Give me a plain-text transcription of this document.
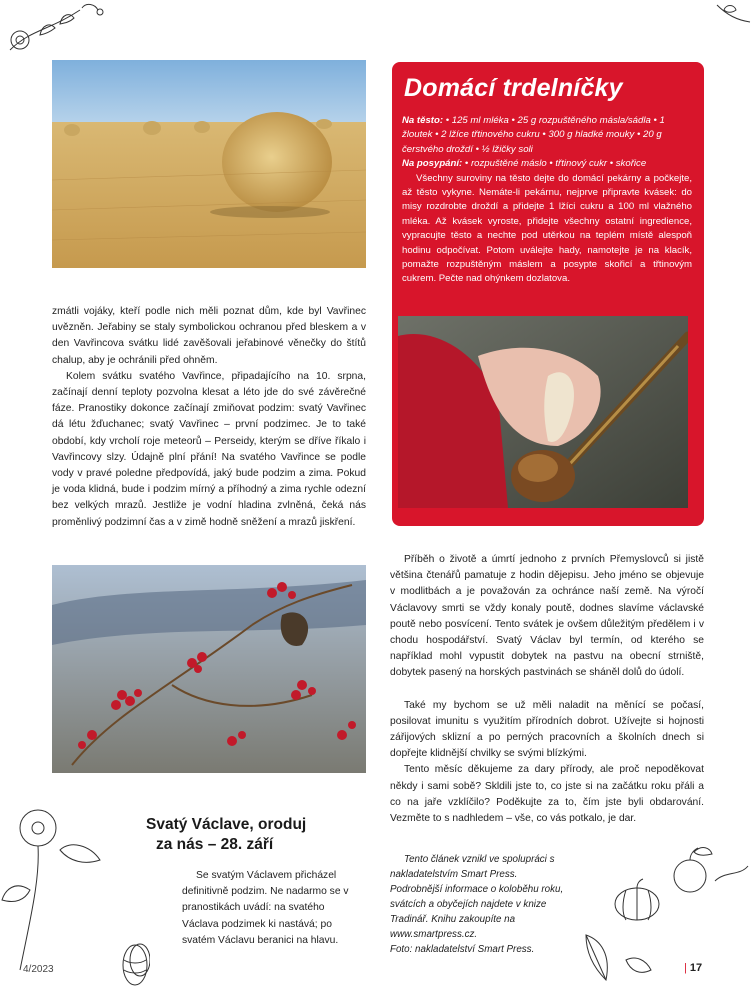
zmátli vojáky, kteří podle nich měli poznat dům, kde byl Vavřinec uvězněn. Jeřabiny se staly symbolickou ochranou před bleskem a v den Vavřincova svátku lidé zavěšovali jeřabinové věnečky do štítů chalup, aby je ochránili před ohněm.

Kolem svátku svatého Vavřince, připadajícího na 10. srpna, začínají denní teploty pozvolna klesat a léto jde do své závěrečné fáze. Pranostiky dokonce začínají zmiňovat podzim: svatý Vavřinec dá létu žďuchanec; svatý Vavřinec – první podzimec. Je to také období, kdy vrcholí roje meteorů – Perseidy, kterým se dříve říkalo i Vavřincovy slzy. Údajně plní přání! Na svatého Vavřince se podle vody v pravé poledne předpovídá, jaký bude podzim a zima. Pokud je voda klidná, bude i podzim mírný a příhodný a zima rychle odezní bez velkých mrazů. Jestliže je vodní hladina zvlněná, čeká nás proměnlivý podzimní čas a v zimě hodně sněžení a mrazů jiskření.

Domácí trdelníčky
Na těsto: • 125 ml mléka • 25 g rozpuštěného másla/sádla • 1 žloutek • 2 lžíce třtinového cukru • 300 g hladké mouky • 20 g čerstvého droždí • ½ lžičky soli
Na posypání: • rozpuštěné máslo • třtinový cukr • skořice

Všechny suroviny na těsto dejte do domácí pekárny a počkejte, až těsto vykyne. Nemáte-li pekárnu, nejprve připravte kvásek: do misy rozdrobte droždí a přidejte 1 lžíci cukru a 100 ml vlažného mléka. Až kvásek vyroste, přidejte všechny ostatní ingredience, vypracujte těsto a nechte pod utěrkou na teplém místě alespoň hodinu odpočívat. Potom uválejte hady, namotejte je na klacík, pomažte rozpuštěným máslem a posypte skořicí a třtinovým cukrem. Pečte nad ohýnkem dozlatova.

Příběh o životě a úmrtí jednoho z prvních Přemyslovců si jistě většina čtenářů pamatuje z hodin dějepisu. Jeho jméno se objevuje v modlitbách a je považován za ochránce naší země. Na výročí Václavovy smrti se vždy konaly poutě, dodnes slavíme václavské poutě nebo posvícení. Tento svátek je ovšem důležitým předělem i v chodu hospodářství. Svatý Václav byl termín, od kterého se například mohl vypustit dobytek na pastvu na obecní strniště, dobytek pasený na horských pastvinách se sháněl dolů do údolí.

Také my bychom se už měli naladit na měnící se počasí, posilovat imunitu s využitím přírodních dobrot. Užívejte si hojnosti zářijových sklizní a po perných pracovních a školních dnech si dopřejte klidnější chvilky se svými blízkými.

Tento měsíc děkujeme za dary přírody, ale proč nepoděkovat někdy i sami sobě? Skldili jste to, co jste si na začátku roku přáli a co na jaře vzklíčilo? Poděkujte za to, čím jste byli obdarování. Vezměte to s nadhledem – vše, co vás potkalo, je dar.

Tento článek vznikl ve spolupráci s nakladatelstvím Smart Press. Podrobnější informace o koloběhu roku, svátcích a obyčejích najdete v knize Tradinář. Knihu zakoupíte na www.smartpress.cz.

Foto: nakladatelství Smart Press.

Svatý Václave, oroduj
za nás – 28. září

Se svatým Václavem přicházel definitivně podzim. Ne nadarmo se v pranostikách uvádí: na svatého Václava podzimek ki nastává; po svatém Václavu beranici na hlavu.

4/2023	| 17
